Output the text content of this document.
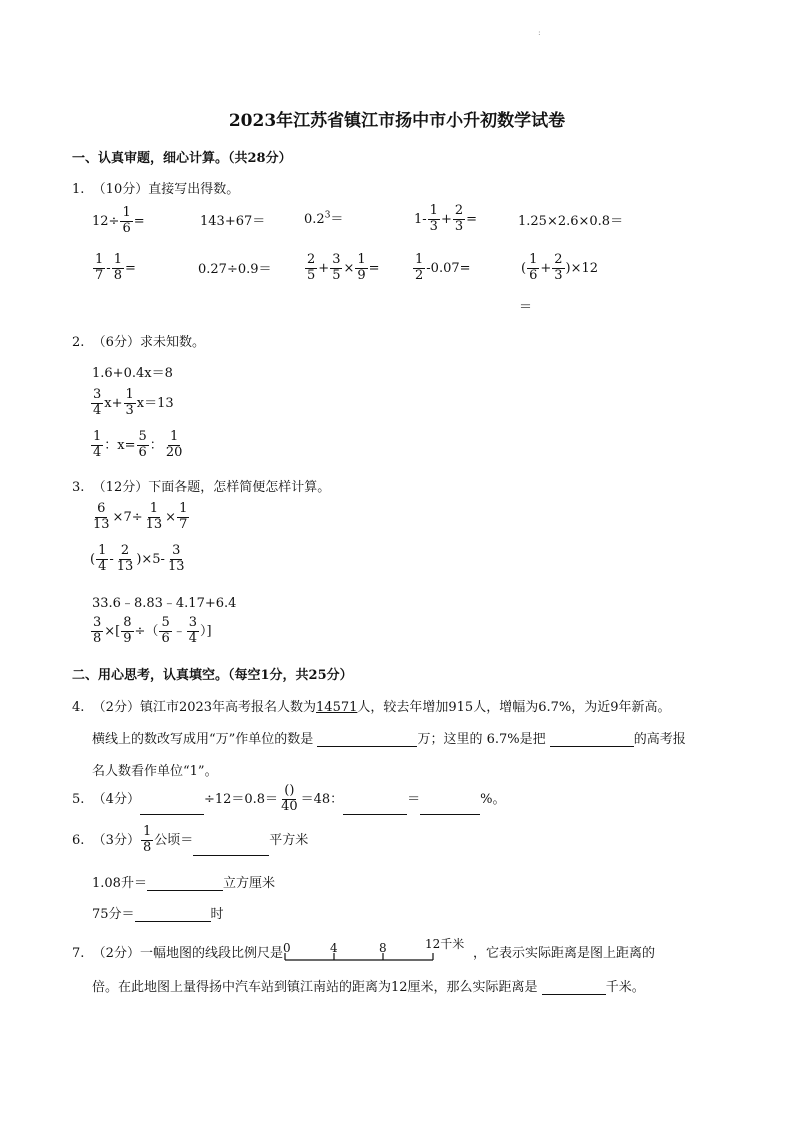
:
2023年江苏省镇江市扬中市小升初数学试卷
一、认真审题，细心计算。（共28分）
1. （10分）直接写出得数。
$12\div \frac{1}{6}$ =	143+67＝	$0.2^3=$	$1- \frac{1}{3} + \frac{2}{3}$ =	1.25×2.6×0.8＝
$\frac{1}{7} - \frac{1}{8}$ =	0.27÷0.9＝	$\frac{2}{5} + \frac{3}{5} \times \frac{1}{9}$ =	$\frac{1}{2} -0.07=$	( $\frac{1}{6} + \frac{2}{3} )\times 12$
＝
2. （6分）求未知数。
1.6+0.4x＝8
$\frac{3}{4} x+ \frac{1}{3} x=13$
$\frac{1}{4}$ ：$x= \frac{5}{6}$ ： $\frac{1}{20}$
3. （12分）下面各题，怎样简便怎样计算。
$\frac{6}{13} \times 7\div \frac{1}{13} \times \frac{1}{7}$
( $\frac{1}{4} - \frac{2}{13} )\times 5- \frac{3}{13}$
33.6﹣8.83﹣4.17+6.4
$\frac{3}{8}$ ×[ $\frac{8}{9}$ ÷（ $\frac{5}{6}$ ﹣ $\frac{3}{4}$ ）]
二、用心思考，认真填空。（每空1分，共25分）
4. （2分）镇江市2023年高考报名人数为14571人，较去年增加915人，增幅为6.7%，为近9年新高。
横线上的数改写成用“万”作单位的数是	万；这里的 6.7%是把	的高考报
名人数看作单位“1”。
5. （4分）	$\div 12=0.8= \frac{()}{40} =48$：	＝	%。
6. （3分） $\frac{1}{8}$ 公顷＝	平方米
1.08升＝	立方厘米
75分＝	时
7. （2分）一幅地图的线段比例尺是 0	4	8	12千米
，它表示实际距离是图上距离的
倍。在此地图上量得扬中汽车站到镇江南站的距离为12厘米，那么实际距离是	千米。
